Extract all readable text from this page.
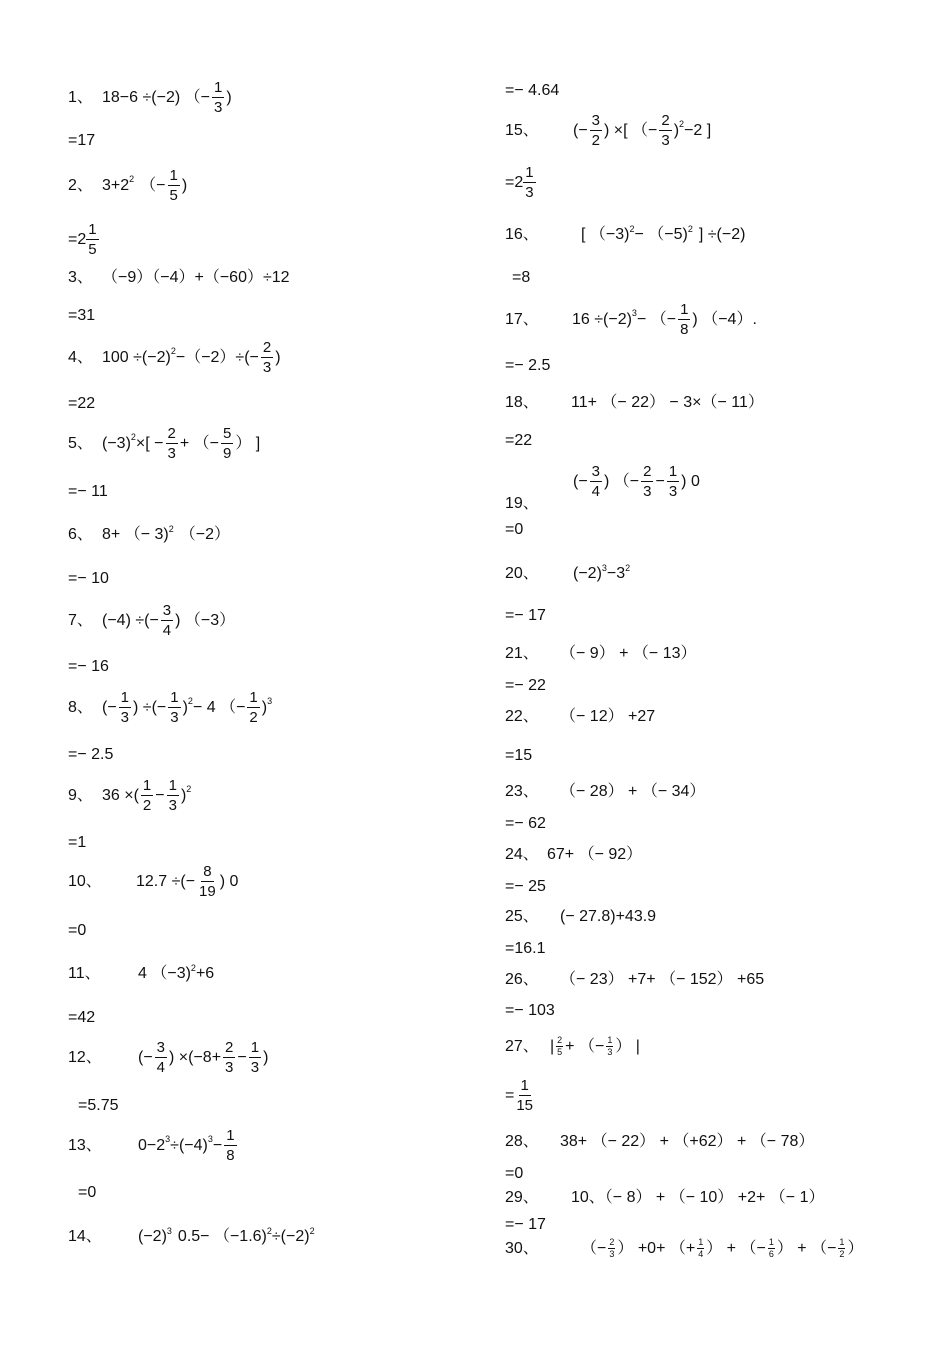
1、 18−6 ÷(−2) （− $\frac{1}{3}$ )
=17
2、 $3+2^2$ （− $\frac{1}{5}$ )
$=2 \frac{1}{5}$
3、 （−9）（−4）+（−60）÷12
=31
4、 $100 \div(-2)^2 -(-2)\div(- \frac{2}{3}$ )
=22
5、 $(-3)^2$ ×[ − $\frac{2}{3}$ + （− $\frac{5}{9}$ ） ]
=− 11
6、 8+ （− 3)$^2$ （−2）
=− 10
7、 (−4) ÷(− $\frac{3}{4}$ ) （−3）
=− 16
8、 (− $\frac{1}{3}$ ) ÷(− $\frac{1}{3} )^2 - 4$ （− $\frac{1}{2} )^3$
=− 2.5
9、 36 ×( $\frac{1}{2} - \frac{1}{3} )^2$
=1
10、	12.7 ÷(− $\frac{8}{19}$ ) 0
=0
11、	4 （−3)$^2$ +6
=42
12、	(− $\frac{3}{4}$ ) $\times(-8+ \frac{2}{3} - \frac{1}{3}$ )
=5.75
13、	$0-2^3 \div(-4)^3 - \frac{1}{8}$
=0
14、	$(-2)^3$ $0.5- (-1.6)^2 \div(-2)^2$
=− 4.64
15、	(− $\frac{3}{2}$ ) ×[ （− $\frac{2}{3} )^2 -2$ ]
$=2 \frac{1}{3}$
16、	[ （−3)$^2$ − （−5)$^2$ ] ÷(−2)
=8
17、	$16 \div(-2)^3$ − （− $\frac{1}{8}$ ) （−4）.
=− 2.5
18、	11+ （− 22） − 3×（− 11）
=22
(− $\frac{3}{4}$ ) （− $\frac{2}{3} - \frac{1}{3}$ ) 0
19、
=0
20、	$(-2)^3 -3^2$
=− 17
21、	（− 9） + （− 13）
=− 22
22、	（− 12） +27
=15
23、	（− 28） + （− 34）
=− 62
24、 67+ （− 92）
=− 25
25、	(− 27.8)+43.9
=16.1
26、	（− 23） +7+ （− 152） +65
=− 103
27、 | $\frac{2}{5}$ + （− $\frac{1}{3}$ ） |
= $\frac{1}{15}$
28、	38+ （− 22） + （+62） + （− 78）
=0
29、	10、（− 8） + （− 10） +2+ （− 1）
=− 17
30、	（− $\frac{2}{3}$ ） +0+ （+ $\frac{1}{4}$ ） + （− $\frac{1}{6}$ ） + （− $\frac{1}{2}$ ）
